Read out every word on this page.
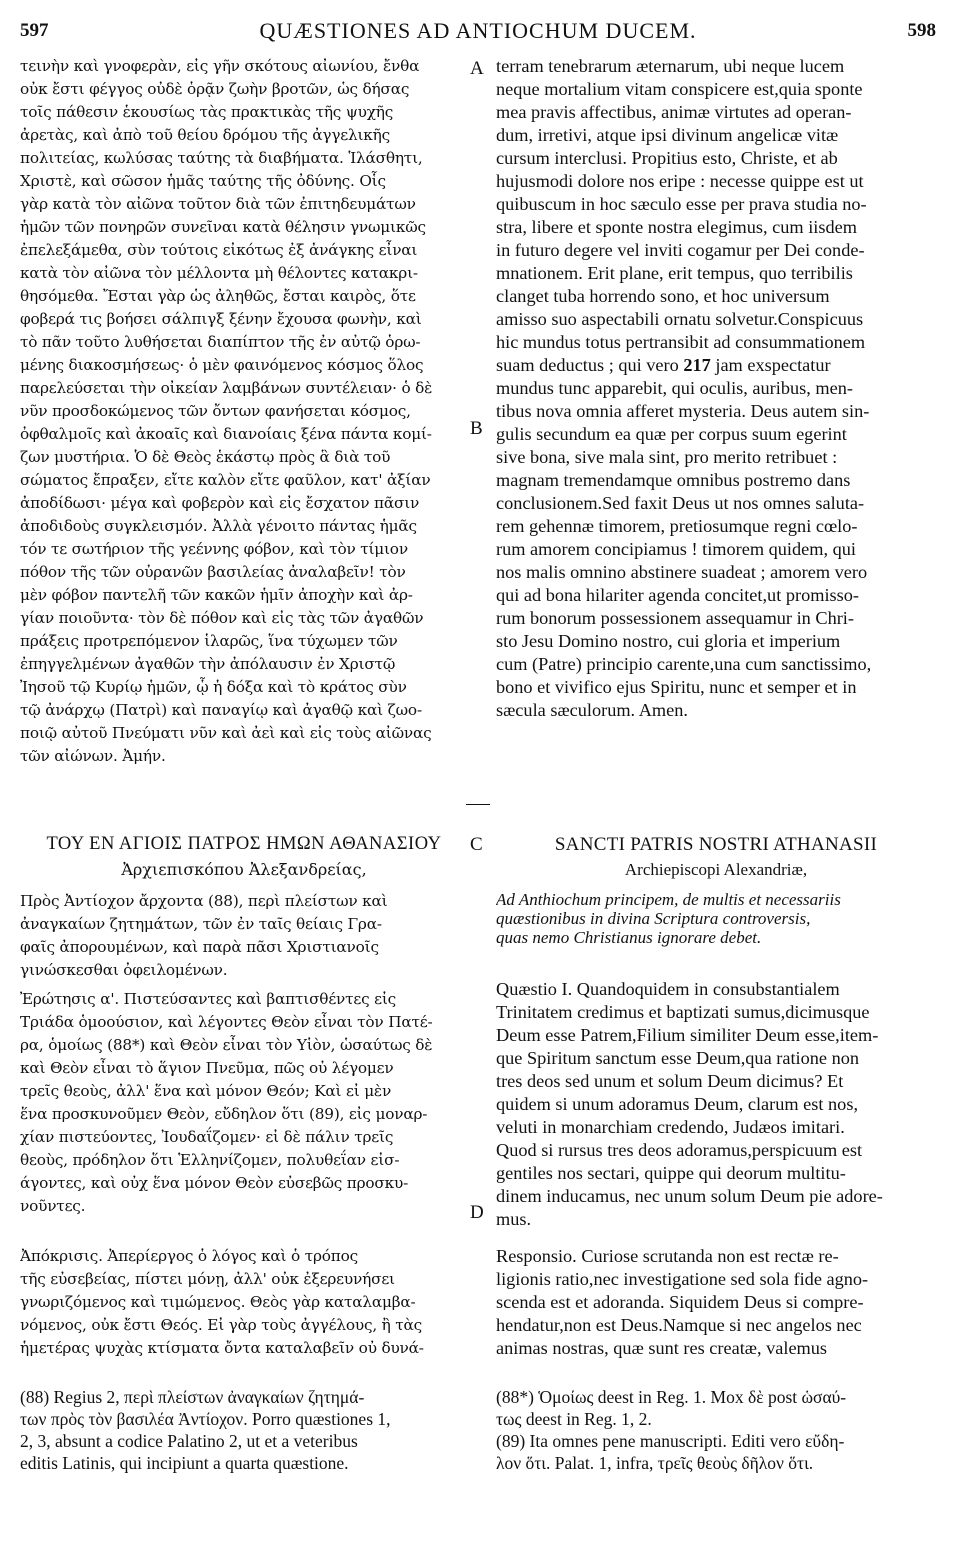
597	QUÆSTIONES AD ANTIOCHUM DUCEM.	598
τεινὴν καὶ γνοφερὰν, εἰς γῆν σκότους αἰωνίου, ἔνθα
οὐκ ἔστι φέγγος οὐδὲ ὁρᾷν ζωὴν βροτῶν, ὡς δήσας
τοῖς πάθεσιν ἑκουσίως τὰς πρακτικὰς τῆς ψυχῆς
ἀρετὰς, καὶ ἀπὸ τοῦ θείου δρόμου τῆς ἀγγελικῆς
πολιτείας, κωλύσας ταύτης τὰ διαβήματα. Ἱλάσθητι,
Χριστὲ, καὶ σῶσον ἡμᾶς ταύτης τῆς ὀδύνης. Οἷς
γὰρ κατὰ τὸν αἰῶνα τοῦτον διὰ τῶν ἐπιτηδευμάτων
ἡμῶν τῶν πονηρῶν συνεῖναι κατὰ θέλησιν γνωμικῶς
ἐπελεξάμεθα, σὺν τούτοις εἰκότως ἐξ ἀνάγκης εἶναι
κατὰ τὸν αἰῶνα τὸν μέλλοντα μὴ θέλοντες κατακρι-
θησόμεθα. Ἔσται γὰρ ὡς ἀληθῶς, ἔσται καιρὸς, ὅτε
φοβερά τις βοήσει σάλπιγξ ξένην ἔχουσα φωνὴν, καὶ
τὸ πᾶν τοῦτο λυθήσεται διαπίπτον τῆς ἐν αὐτῷ ὁρω-
μένης διακοσμήσεως· ὁ μὲν φαινόμενος κόσμος ὅλος
παρελεύσεται τὴν οἰκείαν λαμβάνων συντέλειαν· ὁ δὲ
νῦν προσδοκώμενος τῶν ὄντων φανήσεται κόσμος,
ὀφθαλμοῖς καὶ ἀκοαῖς καὶ διανοίαις ξένα πάντα κομί-
ζων μυστήρια. Ὁ δὲ Θεὸς ἑκάστῳ πρὸς ἃ διὰ τοῦ
σώματος ἔπραξεν, εἴτε καλὸν εἴτε φαῦλον, κατ' ἀξίαν
ἀποδίδωσι· μέγα καὶ φοβερὸν καὶ εἰς ἔσχατον πᾶσιν
ἀποδιδοὺς συγκλεισμόν. Ἀλλὰ γένοιτο πάντας ἡμᾶς
τόν τε σωτήριον τῆς γεέννης φόβον, καὶ τὸν τίμιον
πόθον τῆς τῶν οὐρανῶν βασιλείας ἀναλαβεῖν! τὸν
μὲν φόβον παντελῆ τῶν κακῶν ἡμῖν ἀποχὴν καὶ ἀρ-
γίαν ποιοῦντα· τὸν δὲ πόθον καὶ εἰς τὰς τῶν ἀγαθῶν
πράξεις προτρεπόμενον ἱλαρῶς, ἵνα τύχωμεν τῶν
ἐπηγγελμένων ἀγαθῶν τὴν ἀπόλαυσιν ἐν Χριστῷ
Ἰησοῦ τῷ Κυρίῳ ἡμῶν, ᾧ ἡ δόξα καὶ τὸ κράτος σὺν
τῷ ἀνάρχῳ (Πατρὶ) καὶ παναγίῳ καὶ ἀγαθῷ καὶ ζωο-
ποιῷ αὐτοῦ Πνεύματι νῦν καὶ ἀεὶ καὶ εἰς τοὺς αἰῶνας
τῶν αἰώνων. Ἀμήν.
terram tenebrarum æternarum, ubi neque lucem
neque mortalium vitam conspicere est,quia sponte
mea pravis affectibus, animæ virtutes ad operan-
dum, irretivi, atque ipsi divinum angelicæ vitæ
cursum interclusi. Propitius esto, Christe, et ab
hujusmodi dolore nos eripe : necesse quippe est ut
quibuscum in hoc sæculo esse per prava studia no-
stra, libere et sponte nostra elegimus, cum iisdem
in futuro degere vel inviti cogamur per Dei conde-
mnationem. Erit plane, erit tempus, quo terribilis
clanget tuba horrendo sono, et hoc universum
amisso suo aspectabili ornatu solvetur.Conspicuus
hic mundus totus pertransibit ad consummationem
suam deductus ; qui vero 217 jam exspectatur
mundus tunc apparebit, qui oculis, auribus, men-
tibus nova omnia afferet mysteria. Deus autem sin-
gulis secundum ea quæ per corpus suum egerint
sive bona, sive mala sint, pro merito retribuet :
magnam tremendamque omnibus postremo dans
conclusionem.Sed faxit Deus ut nos omnes saluta-
rem gehennæ timorem, pretiosumque regni cœlo-
rum amorem concipiamus ! timorem quidem, qui
nos malis omnino abstinere suadeat ; amorem vero
qui ad bona hilariter agenda concitet,ut promisso-
rum bonorum possessionem assequamur in Chri-
sto Jesu Domino nostro, cui gloria et imperium
cum (Patre) principio carente,una cum sanctissimo,
bono et vivifico ejus Spiritu, nunc et semper et in
sæcula sæculorum. Amen.
A
B
C
D
ΤΟΥ ΕΝ ΑΓΙΟΙΣ ΠΑΤΡΟΣ ΗΜΩΝ ΑΘΑΝΑΣΙΟΥ
Ἀρχιεπισκόπου Ἀλεξανδρείας,
SANCTI PATRIS NOSTRI ATHANASII
Archiepiscopi Alexandriæ,
Πρὸς Ἀντίοχον ἄρχοντα (88), περὶ πλείστων καὶ
ἀναγκαίων ζητημάτων, τῶν ἐν ταῖς θείαις Γρα-
φαῖς ἀπορουμένων, καὶ παρὰ πᾶσι Χριστιανοῖς
γινώσκεσθαι ὀφειλομένων.
Ἐρώτησις α'. Πιστεύσαντες καὶ βαπτισθέντες εἰς
Τριάδα ὁμοούσιον, καὶ λέγοντες Θεὸν εἶναι τὸν Πατέ-
ρα, ὁμοίως (88*) καὶ Θεὸν εἶναι τὸν Υἱὸν, ὡσαύτως δὲ
καὶ Θεὸν εἶναι τὸ ἅγιον Πνεῦμα, πῶς οὐ λέγομεν
τρεῖς θεοὺς, ἀλλ' ἕνα καὶ μόνον Θεόν; Καὶ εἰ μὲν
ἕνα προσκυνοῦμεν Θεὸν, εὔδηλον ὅτι (89), εἰς μοναρ-
χίαν πιστεύοντες, Ἰουδαΐζομεν· εἰ δὲ πάλιν τρεῖς
θεοὺς, πρόδηλον ὅτι Ἑλληνίζομεν, πολυθεΐαν εἰσ-
άγοντες, καὶ οὐχ ἕνα μόνον Θεὸν εὐσεβῶς προσκυ-
νοῦντες.
Ἀπόκρισις. Ἀπερίεργος ὁ λόγος καὶ ὁ τρόπος
τῆς εὐσεβείας, πίστει μόνῃ, ἀλλ' οὐκ ἐξερευνήσει
γνωριζόμενος καὶ τιμώμενος. Θεὸς γὰρ καταλαμβα-
νόμενος, οὐκ ἔστι Θεός. Εἰ γὰρ τοὺς ἀγγέλους, ἢ τὰς
ἡμετέρας ψυχὰς κτίσματα ὄντα καταλαβεῖν οὐ δυνά-
(88) Regius 2, περὶ πλείστων ἀναγκαίων ζητημά-
των πρὸς τὸν βασιλέα Ἀντίοχον. Porro quæstiones 1,
2, 3, absunt a codice Palatino 2, ut et a veteribus
editis Latinis, qui incipiunt a quarta quæstione.
Ad Anthiochum principem, de multis et necessariis
quæstionibus in divina Scriptura controversis,
quas nemo Christianus ignorare debet.
Quæstio I. Quandoquidem in consubstantialem
Trinitatem credimus et baptizati sumus,dicimusque
Deum esse Patrem,Filium similiter Deum esse,item-
que Spiritum sanctum esse Deum,qua ratione non
tres deos sed unum et solum Deum dicimus? Et
quidem si unum adoramus Deum, clarum est nos,
veluti in monarchiam credendo, Judæos imitari.
Quod si rursus tres deos adoramus,perspicuum est
gentiles nos sectari, quippe qui deorum multitu-
dinem inducamus, nec unum solum Deum pie adore-
mus.
Responsio. Curiose scrutanda non est rectæ re-
ligionis ratio,nec investigatione sed sola fide agno-
scenda est et adoranda. Siquidem Deus si compre-
hendatur,non est Deus.Namque si nec angelos nec
animas nostras, quæ sunt res creatæ, valemus
(88*) Ὁμοίως deest in Reg. 1. Mox δὲ post ὡσαύ-
τως deest in Reg. 1, 2.
(89) Ita omnes pene manuscripti. Editi vero εὔδη-
λον ὅτι. Palat. 1, infra, τρεῖς θεοὺς δῆλον ὅτι.
